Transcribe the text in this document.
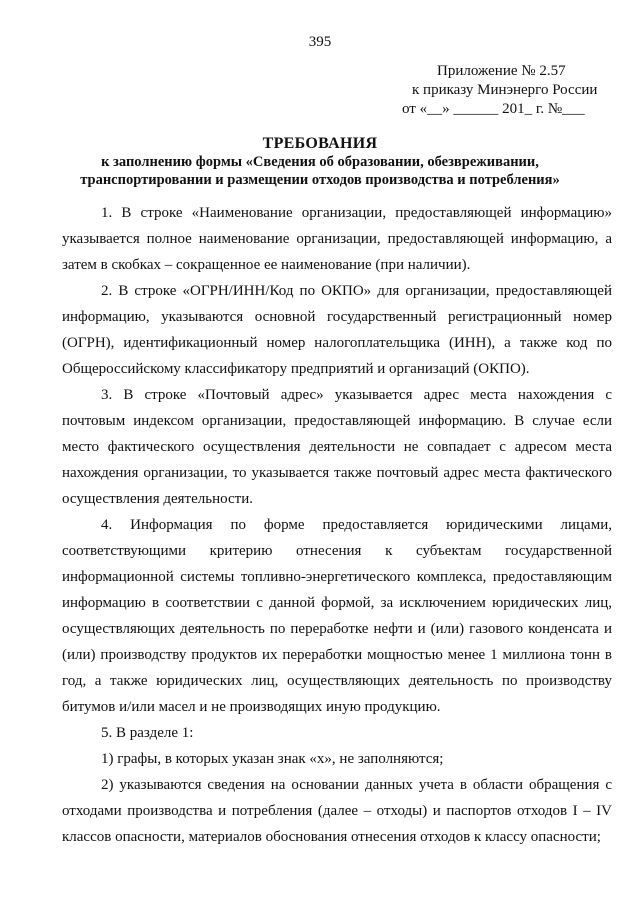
395
Приложение № 2.57
к приказу Минэнерго России
от «__» ______ 201_ г. №___
ТРЕБОВАНИЯ
к заполнению формы «Сведения об образовании, обезвреживании,
транспортировании и размещении отходов производства и потребления»

1. В строке «Наименование организации, предоставляющей информацию» указывается полное наименование организации, предоставляющей информацию, а затем в скобках – сокращенное ее наименование (при наличии).

2. В строке «ОГРН/ИНН/Код по ОКПО» для организации, предоставляющей информацию, указываются основной государственный регистрационный номер (ОГРН), идентификационный номер налогоплательщика (ИНН), а также код по Общероссийскому классификатору предприятий и организаций (ОКПО).

3. В строке «Почтовый адрес» указывается адрес места нахождения с почтовым индексом организации, предоставляющей информацию. В случае если место фактического осуществления деятельности не совпадает с адресом места нахождения организации, то указывается также почтовый адрес места фактического осуществления деятельности.

4. Информация по форме предоставляется юридическими лицами, соответствующими критерию отнесения к субъектам государственной информационной системы топливно-энергетического комплекса, предоставляющим информацию в соответствии с данной формой, за исключением юридических лиц, осуществляющих деятельность по переработке нефти и (или) газового конденсата и (или) производству продуктов их переработки мощностью менее 1 миллиона тонн в год, а также юридических лиц, осуществляющих деятельность по производству битумов и/или масел и не производящих иную продукцию.

5. В разделе 1:

1) графы, в которых указан знак «х», не заполняются;

2) указываются сведения на основании данных учета в области обращения с отходами производства и потребления (далее – отходы) и паспортов отходов I – IV классов опасности, материалов обоснования отнесения отходов к классу опасности;
